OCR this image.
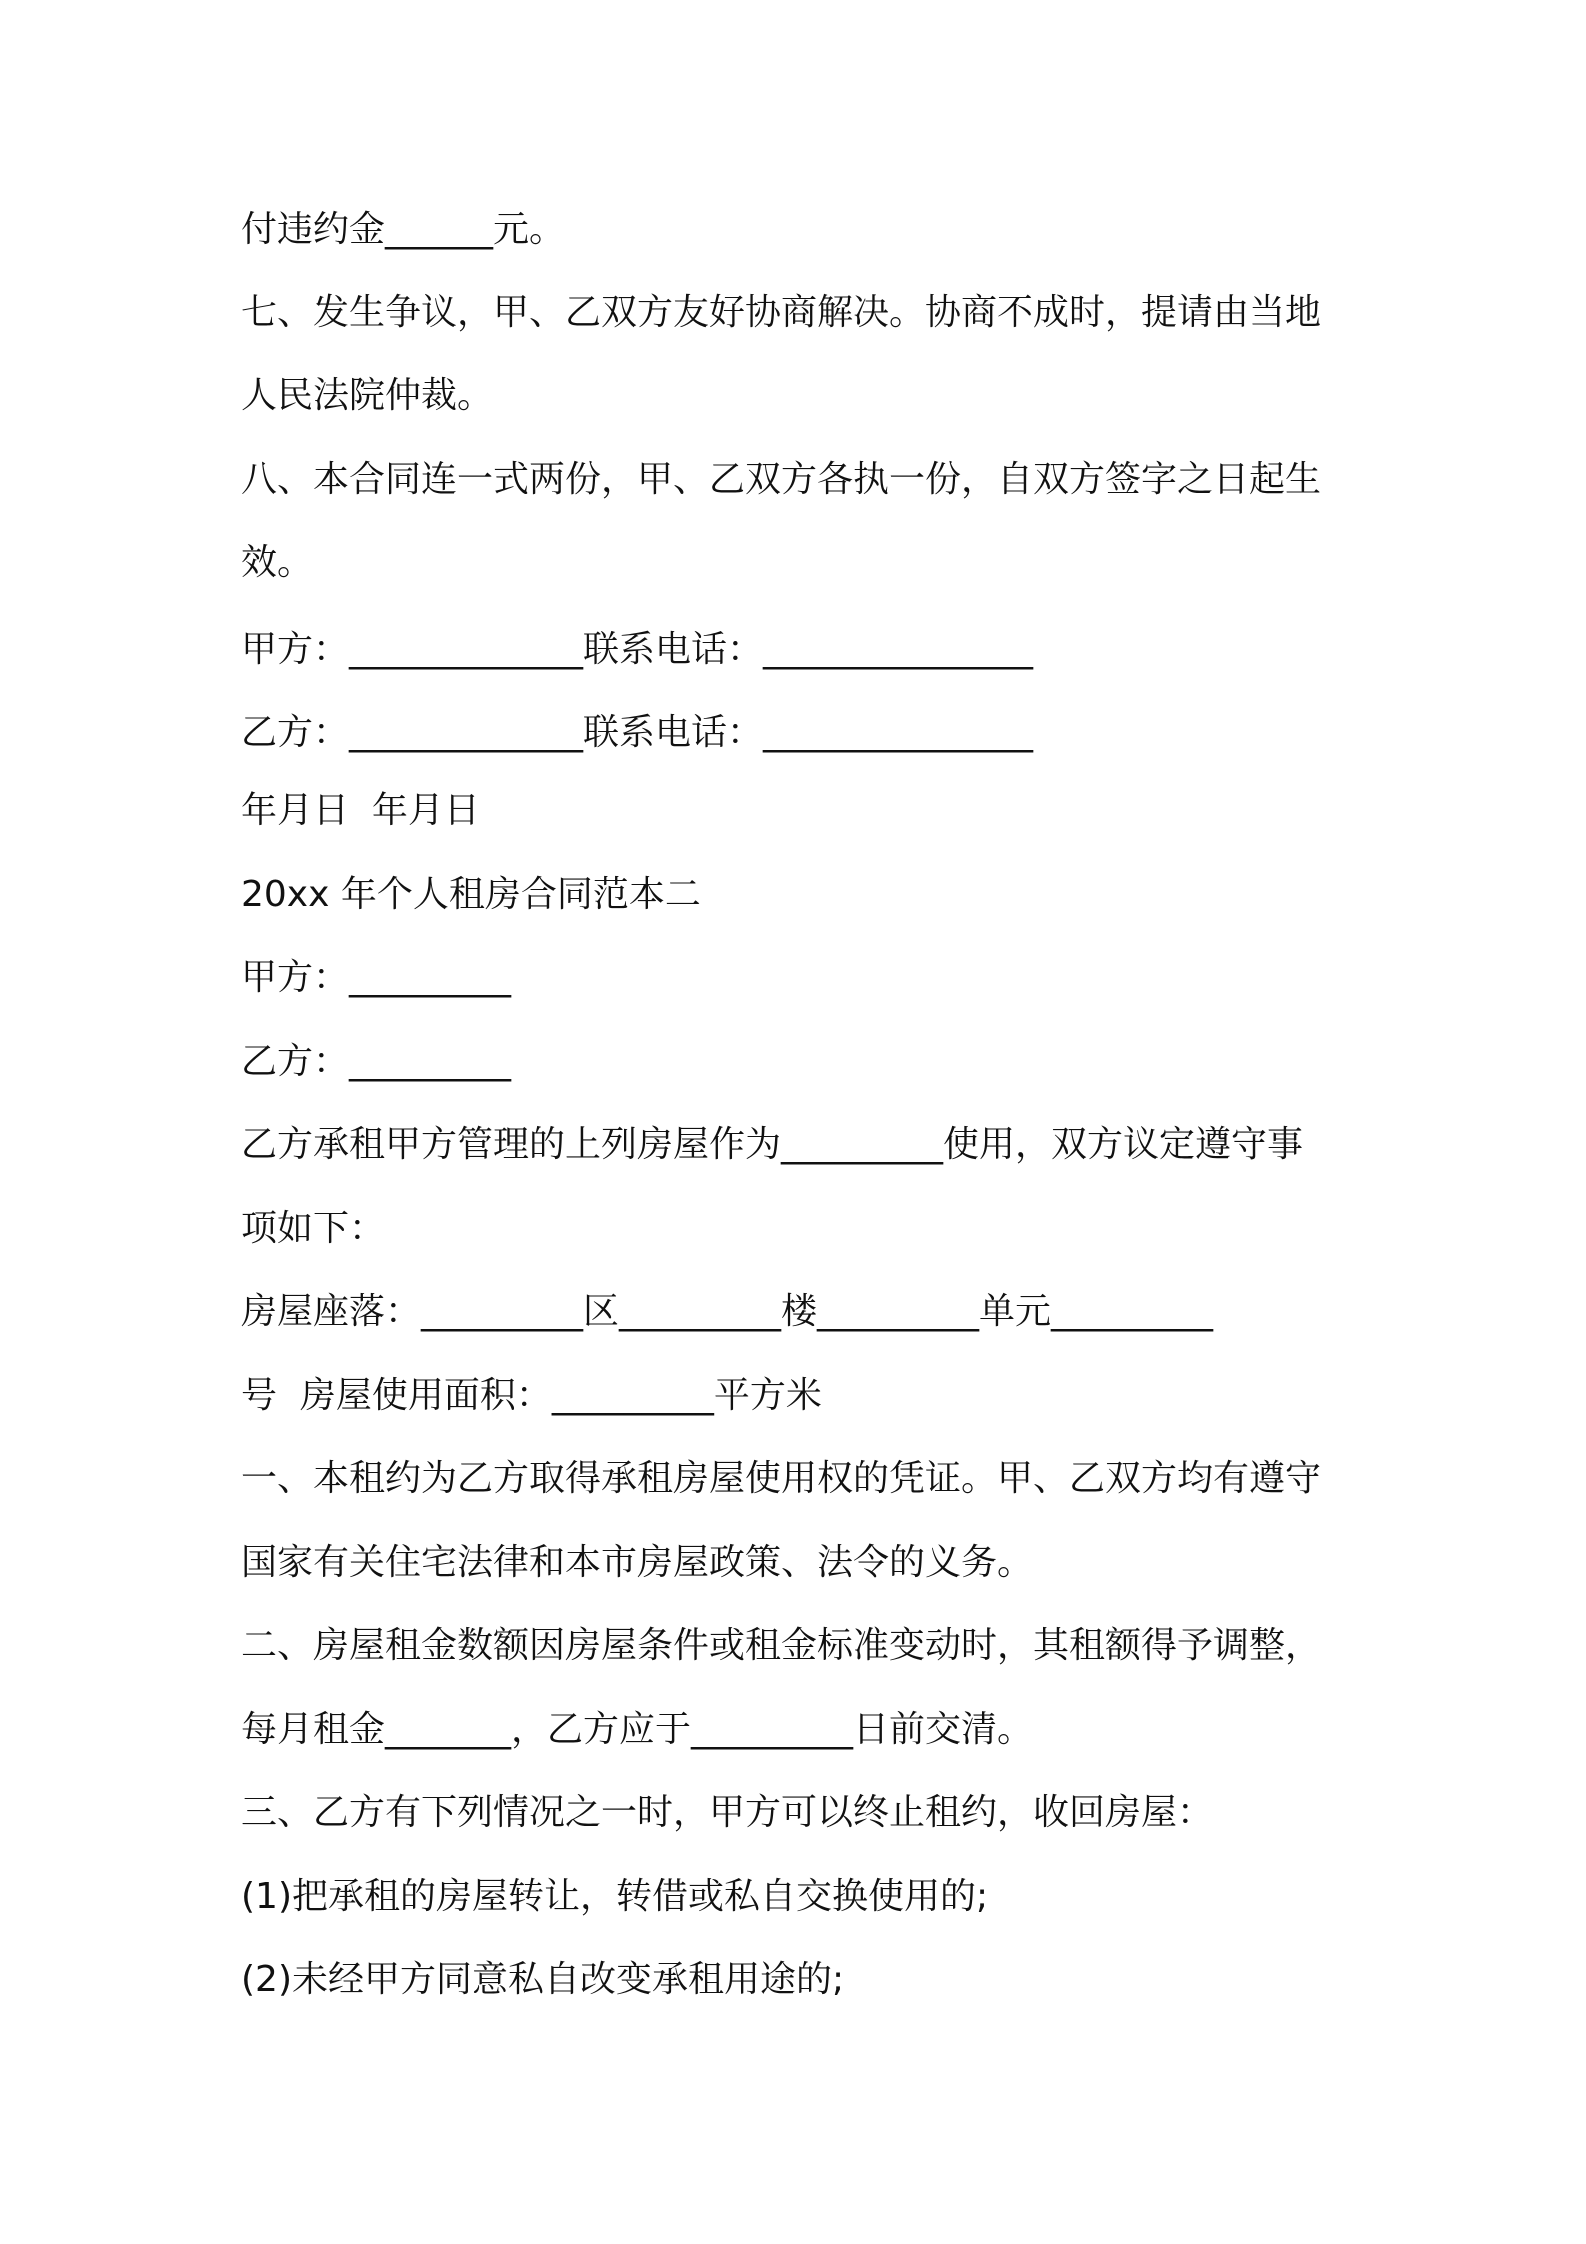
付违约金______元。

七、发生争议，甲、乙双方友好协商解决。协商不成时，提请由当地

人民法院仲裁。

八、本合同连一式两份，甲、乙双方各执一份，自双方签字之日起生

效。

甲方：_____________联系电话：_______________

乙方：_____________联系电话：_______________

年月日  年月日

20xx 年个人租房合同范本二

甲方：_________

乙方：_________

乙方承租甲方管理的上列房屋作为_________使用，双方议定遵守事

项如下：

房屋座落：_________区_________楼_________单元_________

号  房屋使用面积：_________平方米

一、本租约为乙方取得承租房屋使用权的凭证。甲、乙双方均有遵守

国家有关住宅法律和本市房屋政策、法令的义务。

二、房屋租金数额因房屋条件或租金标准变动时，其租额得予调整，

每月租金_______，乙方应于_________日前交清。

三、乙方有下列情况之一时，甲方可以终止租约，收回房屋：

(1)把承租的房屋转让，转借或私自交换使用的;

(2)未经甲方同意私自改变承租用途的;
